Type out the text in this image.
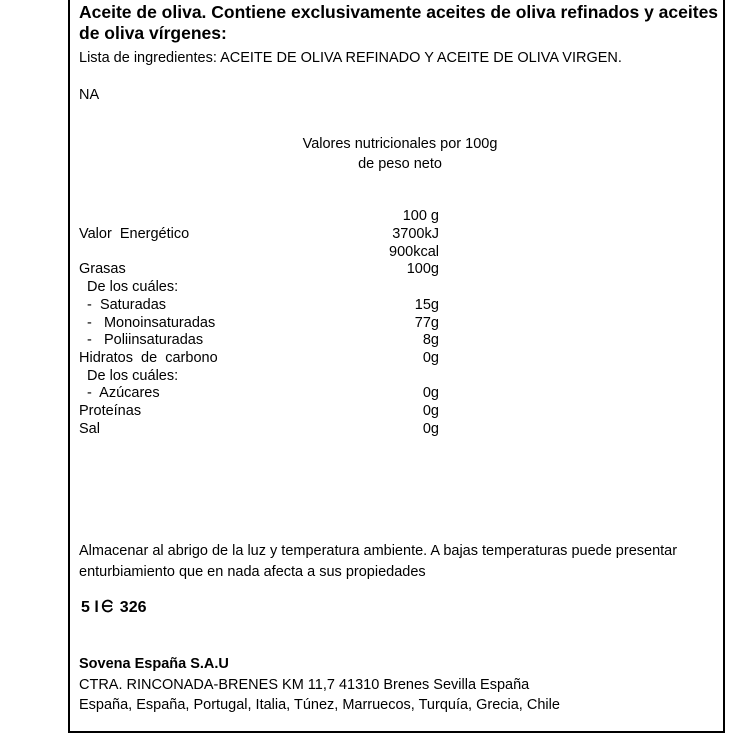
Aceite de oliva. Contiene exclusivamente aceites de oliva refinados y aceites de oliva vírgenes:
Lista de ingredientes: ACEITE DE OLIVA REFINADO Y ACEITE DE OLIVA VIRGEN.
NA
Valores nutricionales por 100g de peso neto
100 g
Valor  Energético	3700kJ
900kcal
Grasas	100g
De los cuáles:
-  Saturadas	15g
-   Monoinsaturadas	77g
-   Poliinsaturadas	8g
Hidratos  de  carbono	0g
De los cuáles:
-  Azúcares	0g
Proteínas	0g
Sal	0g
Almacenar al abrigo de la luz y temperatura ambiente. A bajas temperaturas puede presentar enturbiamiento que en nada afecta a sus propiedades
5 l 326
Sovena España S.A.U
CTRA. RINCONADA-BRENES KM 11,7 41310 Brenes Sevilla España
España, España, Portugal, Italia, Túnez, Marruecos, Turquía, Grecia, Chile
